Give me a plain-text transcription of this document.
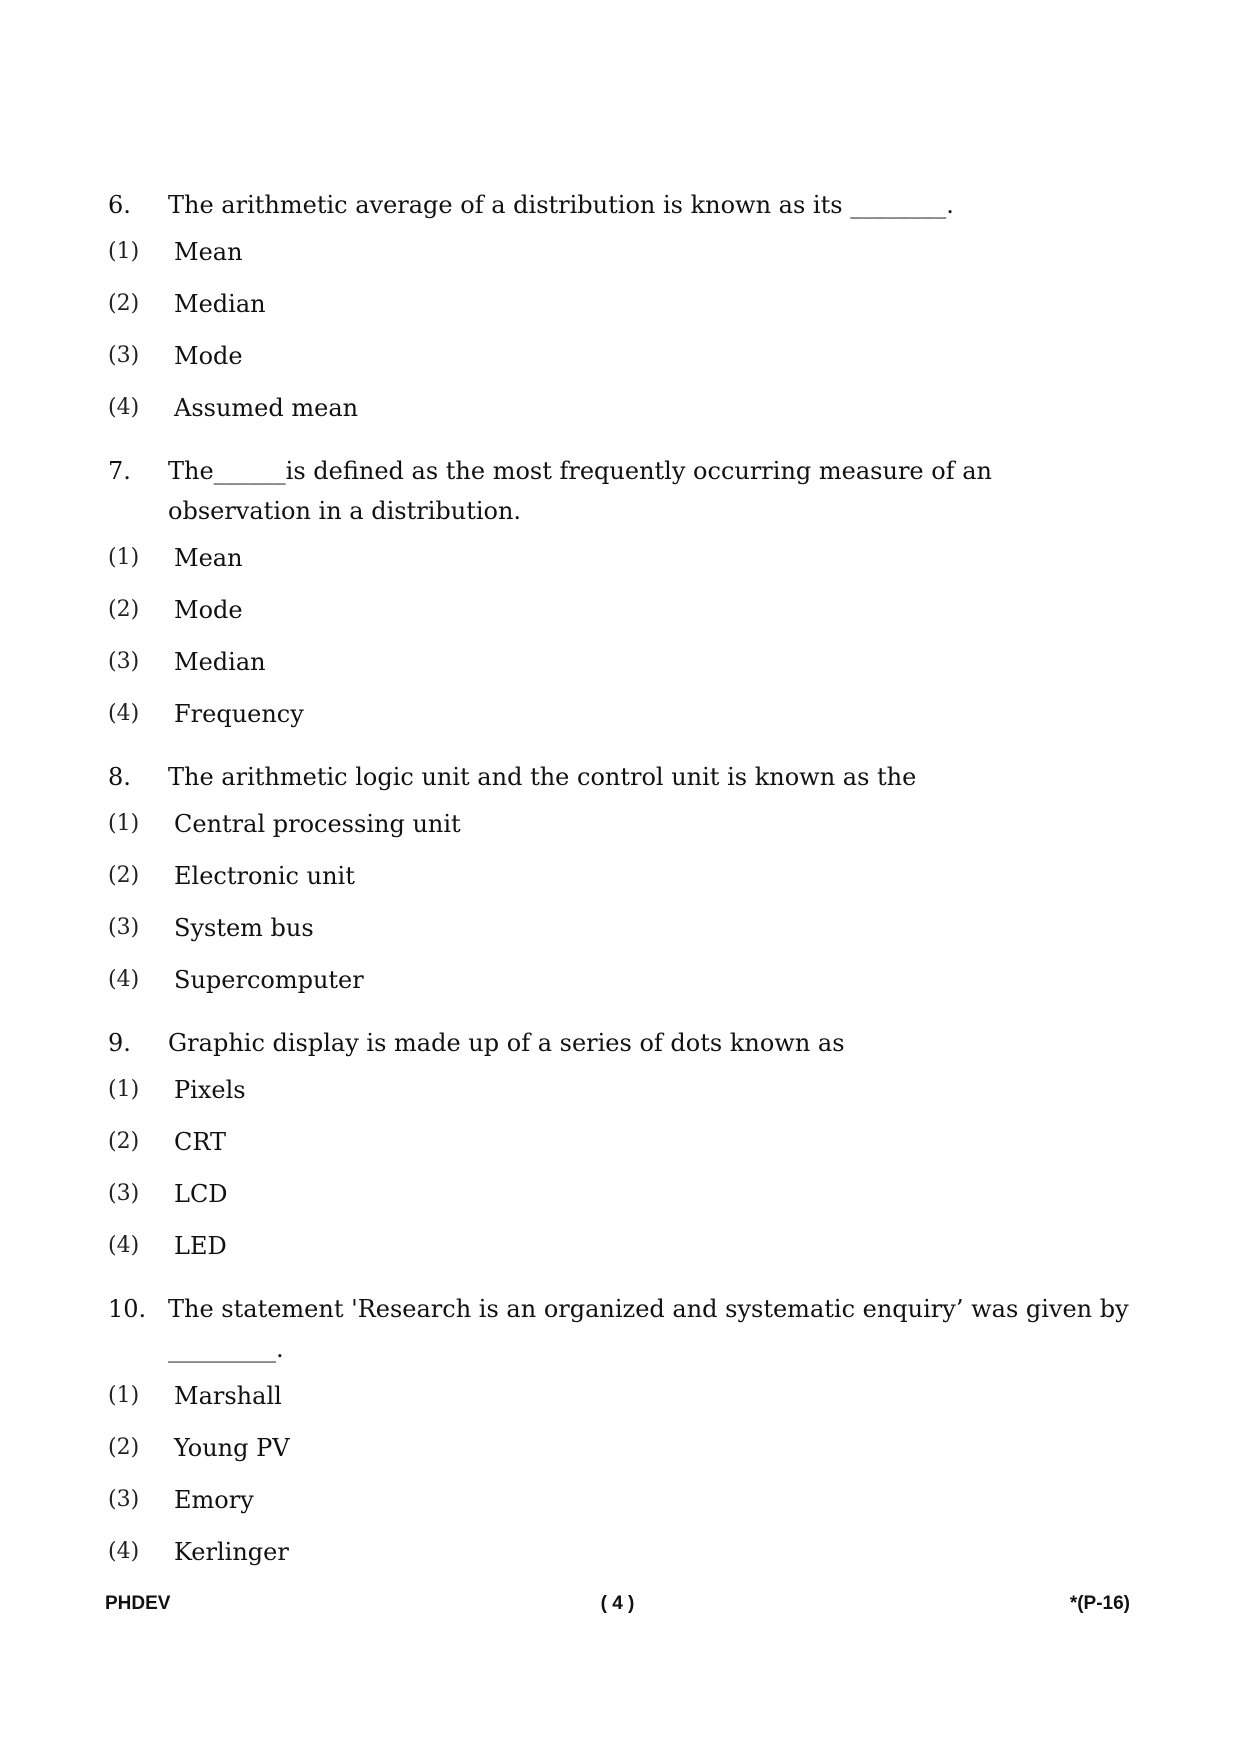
6.	The arithmetic average of a distribution is known as its ________.
(1) Mean
(2) Median
(3) Mode
(4) Assumed mean
7.	The______is defined as the most frequently occurring measure of an observation in a distribution.
(1) Mean
(2) Mode
(3) Median
(4) Frequency
8.	The arithmetic logic unit and the control unit is known as the
(1) Central processing unit
(2) Electronic unit
(3) System bus
(4) Supercomputer
9.	Graphic display is made up of a series of dots known as
(1) Pixels
(2) CRT
(3) LCD
(4) LED
10. The statement 'Research is an organized and systematic enquiry’ was given by _________.
(1) Marshall
(2) Young PV
(3) Emory
(4) Kerlinger
PHDEV	( 4 )	*(P-16)
